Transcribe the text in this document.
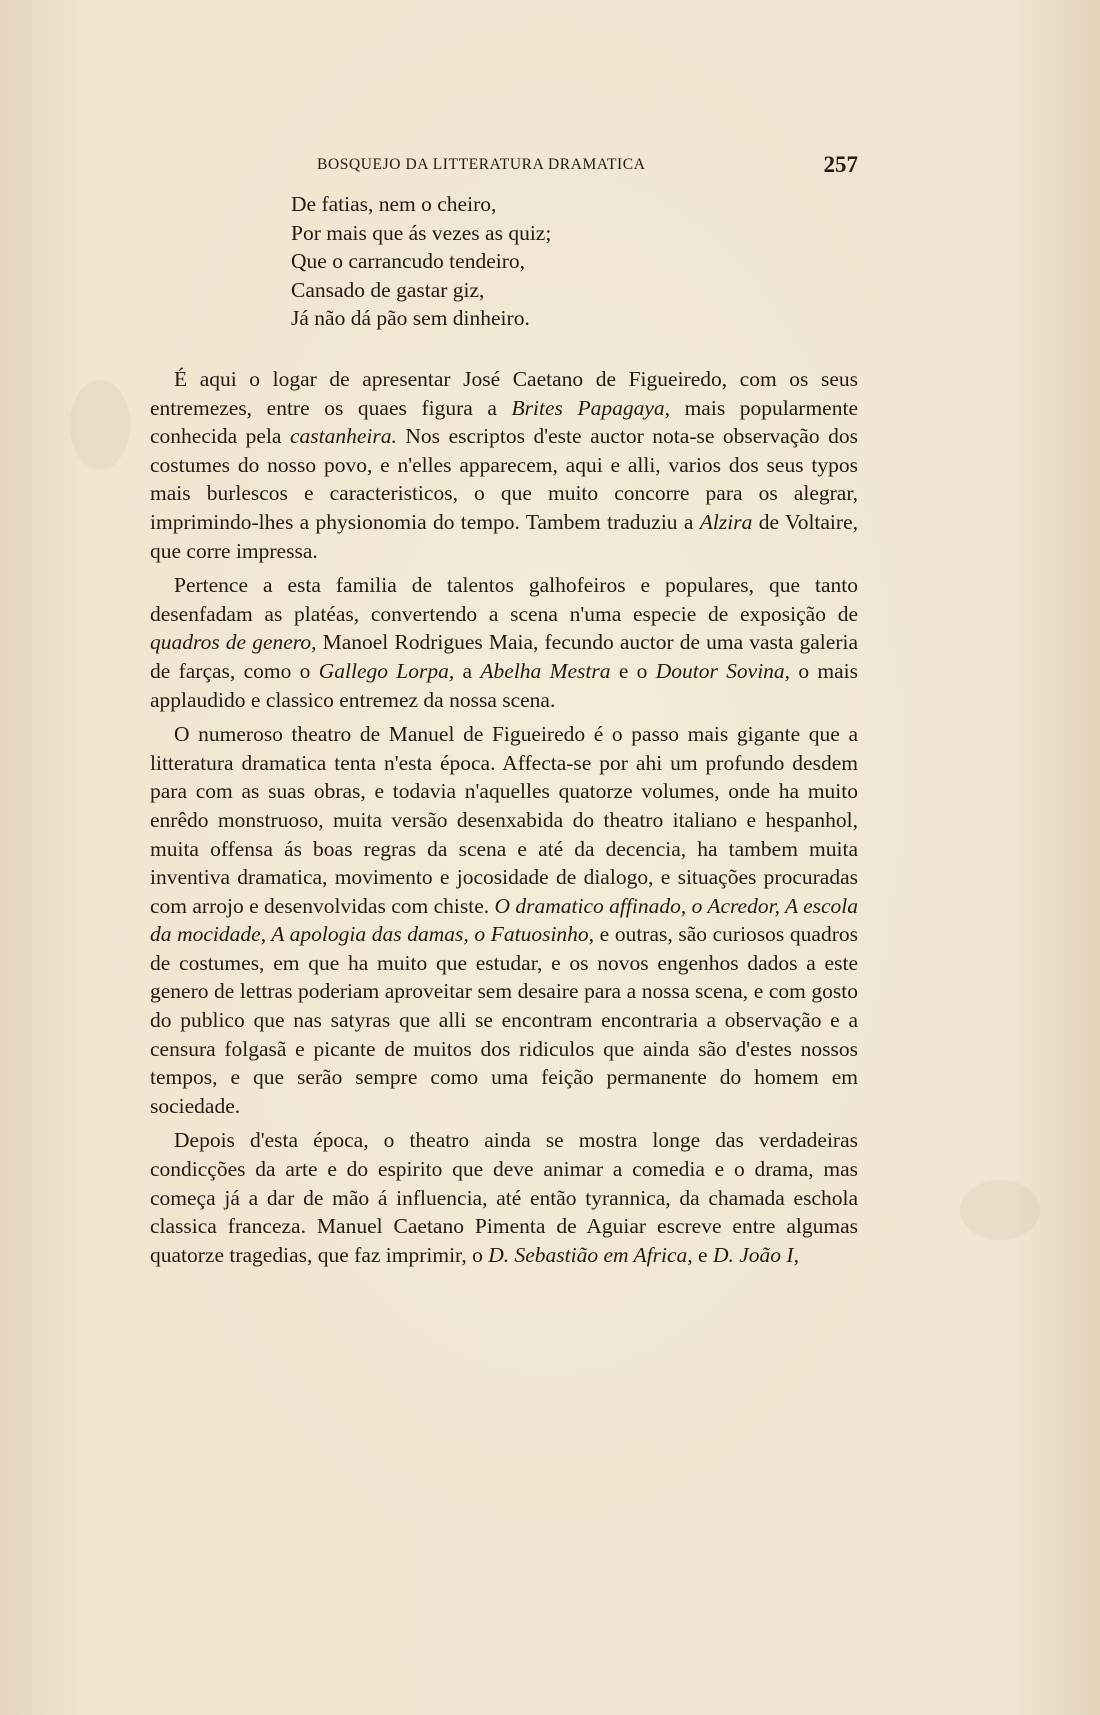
BOSQUEJO DA LITTERATURA DRAMATICA	257
De fatias, nem o cheiro,
Por mais que ás vezes as quiz;
Que o carrancudo tendeiro,
Cansado de gastar giz,
Já não dá pão sem dinheiro.

É aqui o logar de apresentar José Caetano de Figueiredo, com os seus entremezes, entre os quaes figura a Brites Papagaya, mais popularmente conhecida pela castanheira. Nos escriptos d'este auctor nota-se observação dos costumes do nosso povo, e n'elles apparecem, aqui e alli, varios dos seus typos mais burlescos e caracteristicos, o que muito concorre para os alegrar, imprimindo-lhes a physionomia do tempo. Tambem traduziu a Alzira de Voltaire, que corre impressa.

Pertence a esta familia de talentos galhofeiros e populares, que tanto desenfadam as platéas, convertendo a scena n'uma especie de exposição de quadros de genero, Manoel Rodrigues Maia, fecundo auctor de uma vasta galeria de farças, como o Gallego Lorpa, a Abelha Mestra e o Doutor Sovina, o mais applaudido e classico entremez da nossa scena.

O numeroso theatro de Manuel de Figueiredo é o passo mais gigante que a litteratura dramatica tenta n'esta época. Affecta-se por ahi um profundo desdem para com as suas obras, e todavia n'aquelles quatorze volumes, onde ha muito enrêdo monstruoso, muita versão desenxabida do theatro italiano e hespanhol, muita offensa ás boas regras da scena e até da decencia, ha tambem muita inventiva dramatica, movimento e jocosidade de dialogo, e situações procuradas com arrojo e desenvolvidas com chiste. O dramatico affinado, o Acredor, A escola da mocidade, A apologia das damas, o Fatuosinho, e outras, são curiosos quadros de costumes, em que ha muito que estudar, e os novos engenhos dados a este genero de lettras poderiam aproveitar sem desaire para a nossa scena, e com gosto do publico que nas satyras que alli se encontram encontraria a observação e a censura folgasã e picante de muitos dos ridiculos que ainda são d'estes nossos tempos, e que serão sempre como uma feição permanente do homem em sociedade.

Depois d'esta época, o theatro ainda se mostra longe das verdadeiras condicções da arte e do espirito que deve animar a comedia e o drama, mas começa já a dar de mão á influencia, até então tyrannica, da chamada eschola classica franceza. Manuel Caetano Pimenta de Aguiar escreve entre algumas quatorze tragedias, que faz imprimir, o D. Sebastião em Africa, e D. João I,
